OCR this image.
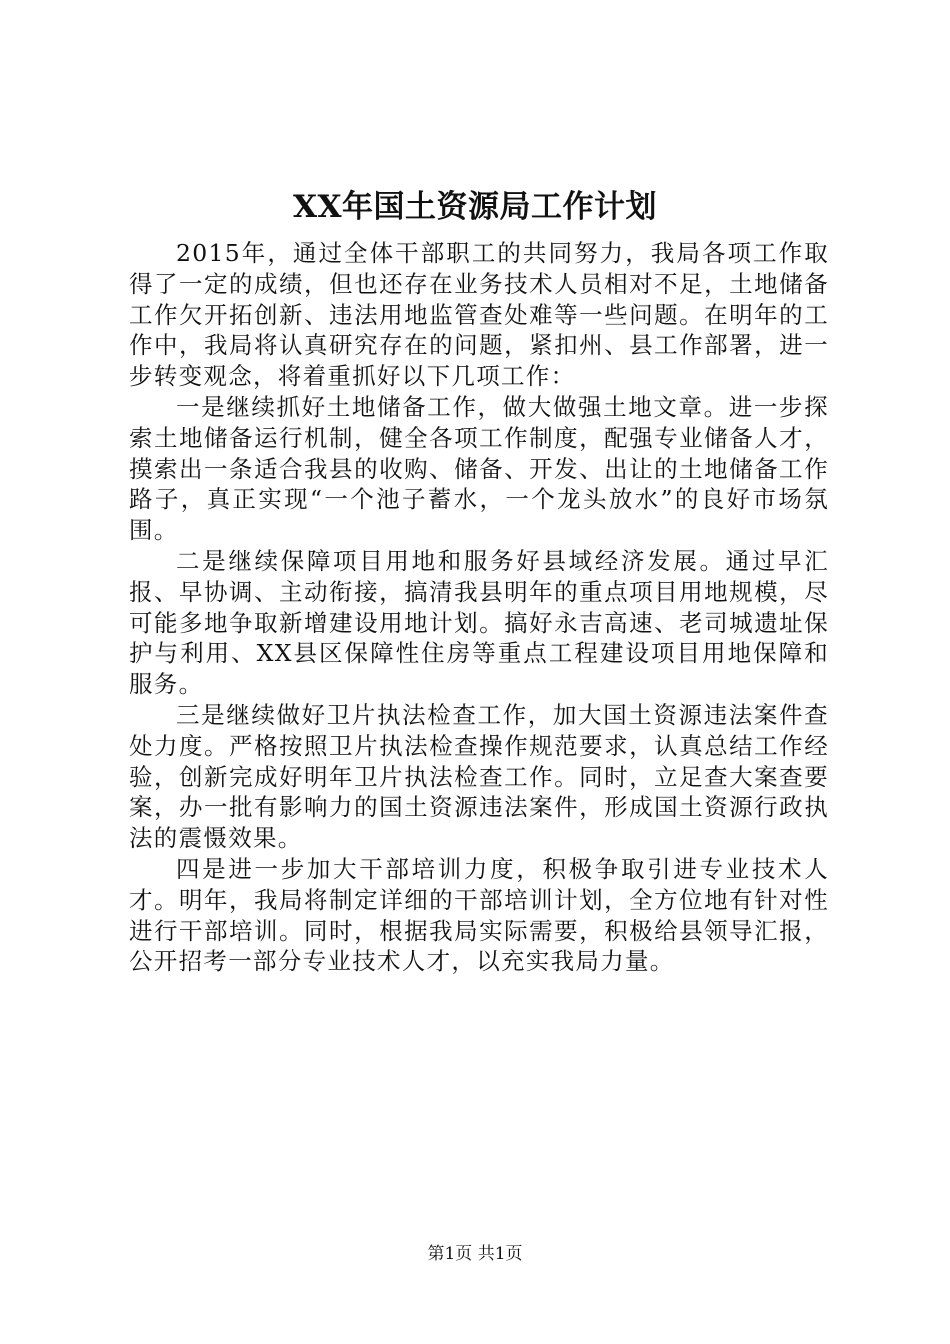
XX年国土资源局工作计划

2015年，通过全体干部职工的共同努力，我局各项工作取得了一定的成绩，但也还存在业务技术人员相对不足，土地储备工作欠开拓创新、违法用地监管查处难等一些问题。在明年的工作中，我局将认真研究存在的问题，紧扣州、县工作部署，进一步转变观念，将着重抓好以下几项工作：

一是继续抓好土地储备工作，做大做强土地文章。进一步探索土地储备运行机制，健全各项工作制度，配强专业储备人才，摸索出一条适合我县的收购、储备、开发、出让的土地储备工作路子，真正实现“一个池子蓄水，一个龙头放水”的良好市场氛围。

二是继续保障项目用地和服务好县域经济发展。通过早汇报、早协调、主动衔接，搞清我县明年的重点项目用地规模，尽可能多地争取新增建设用地计划。搞好永吉高速、老司城遗址保护与利用、XX县区保障性住房等重点工程建设项目用地保障和服务。

三是继续做好卫片执法检查工作，加大国土资源违法案件查处力度。严格按照卫片执法检查操作规范要求，认真总结工作经验，创新完成好明年卫片执法检查工作。同时，立足查大案查要案，办一批有影响力的国土资源违法案件，形成国土资源行政执法的震慑效果。

四是进一步加大干部培训力度，积极争取引进专业技术人才。明年，我局将制定详细的干部培训计划，全方位地有针对性进行干部培训。同时，根据我局实际需要，积极给县领导汇报，公开招考一部分专业技术人才，以充实我局力量。

第1页 共1页
